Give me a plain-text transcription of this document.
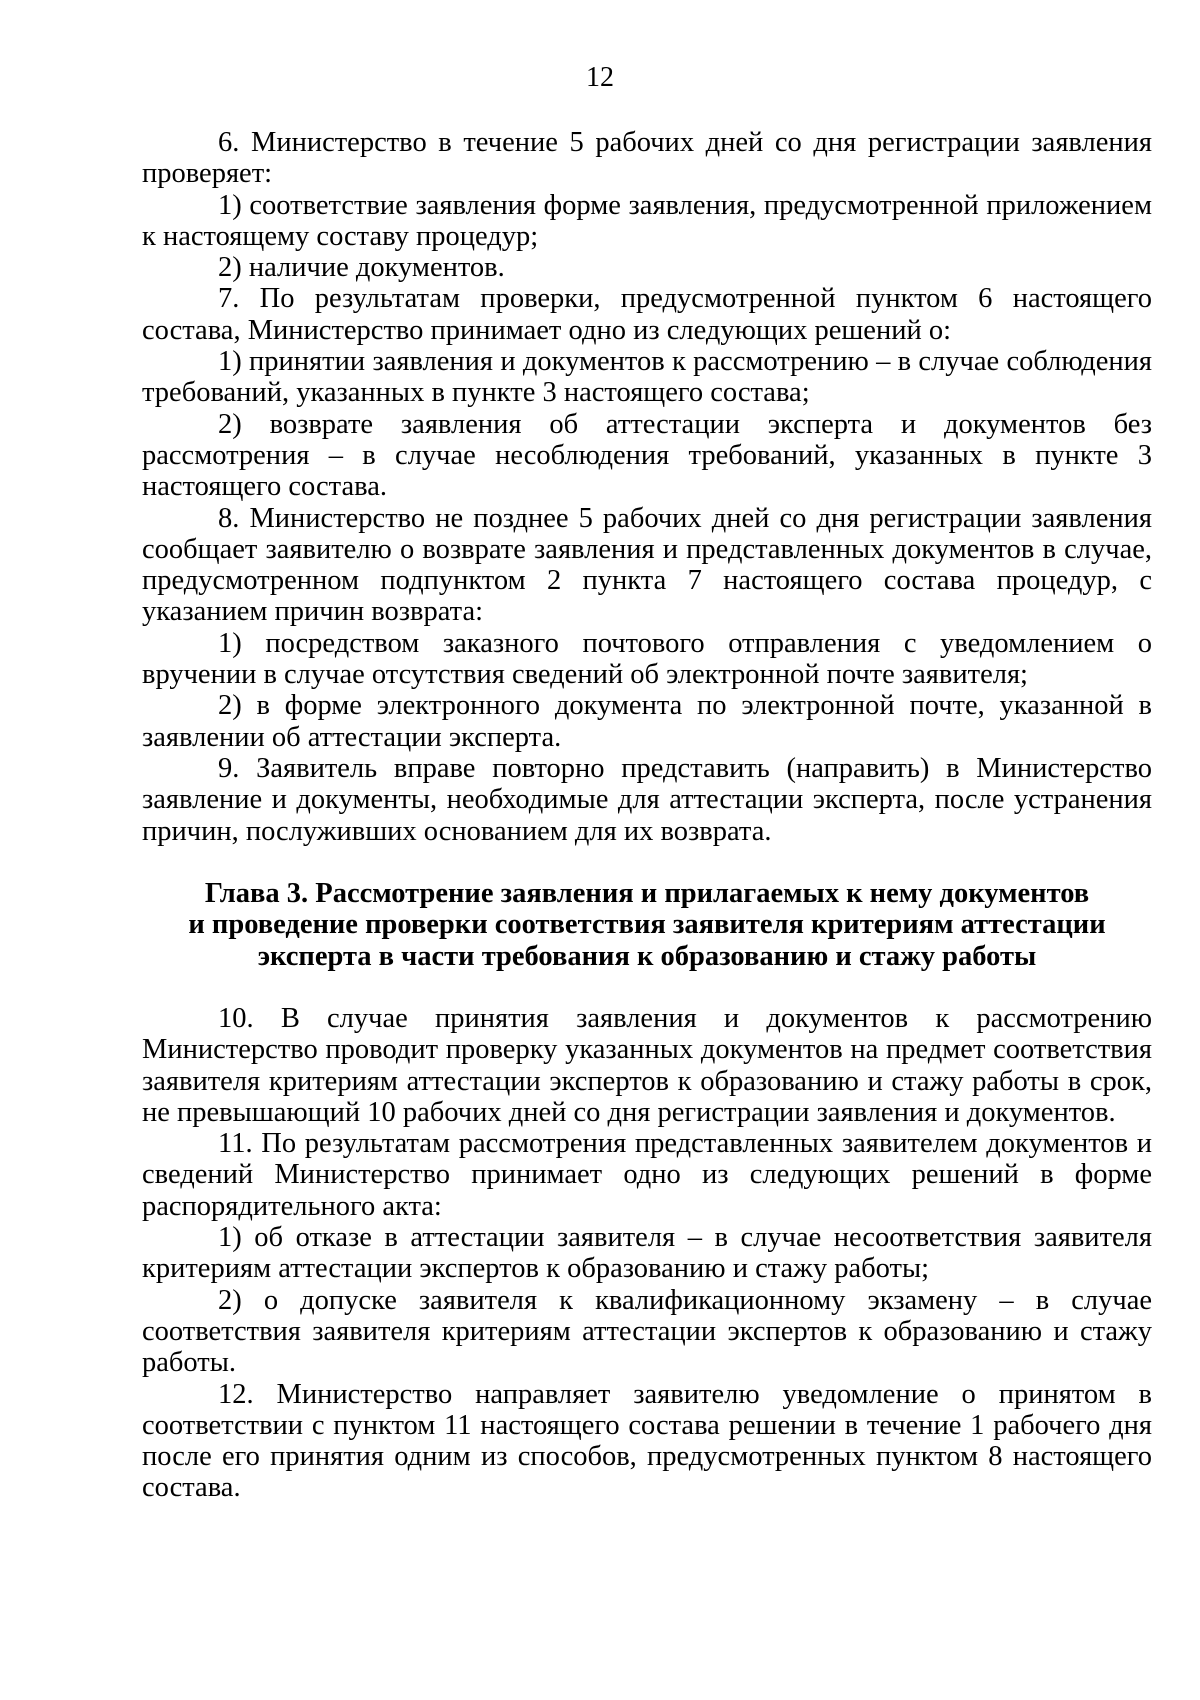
12

6. Министерство в течение 5 рабочих дней со дня регистрации заявления проверяет:

1) соответствие заявления форме заявления, предусмотренной приложением к настоящему составу процедур;

2) наличие документов.

7. По результатам проверки, предусмотренной пунктом 6 настоящего состава, Министерство принимает одно из следующих решений о:

1) принятии заявления и документов к рассмотрению – в случае соблюдения требований, указанных в пункте 3 настоящего состава;

2) возврате заявления об аттестации эксперта и документов без рассмотрения – в случае несоблюдения требований, указанных в пункте 3 настоящего состава.

8. Министерство не позднее 5 рабочих дней со дня регистрации заявления сообщает заявителю о возврате заявления и представленных документов в случае, предусмотренном подпунктом 2 пункта 7 настоящего состава процедур, с указанием причин возврата:

1) посредством заказного почтового отправления с уведомлением о вручении в случае отсутствия сведений об электронной почте заявителя;

2) в форме электронного документа по электронной почте, указанной в заявлении об аттестации эксперта.

9. Заявитель вправе повторно представить (направить) в Министерство заявление и документы, необходимые для аттестации эксперта, после устранения причин, послуживших основанием для их возврата.

Глава 3. Рассмотрение заявления и прилагаемых к нему документов
и проведение проверки соответствия заявителя критериям аттестации
эксперта в части требования к образованию и стажу работы

10. В случае принятия заявления и документов к рассмотрению Министерство проводит проверку указанных документов на предмет соответствия заявителя критериям аттестации экспертов к образованию и стажу работы в срок, не превышающий 10 рабочих дней со дня регистрации заявления и документов.

11. По результатам рассмотрения представленных заявителем документов и сведений Министерство принимает одно из следующих решений в форме распорядительного акта:

1) об отказе в аттестации заявителя – в случае несоответствия заявителя критериям аттестации экспертов к образованию и стажу работы;

2) о допуске заявителя к квалификационному экзамену – в случае соответствия заявителя критериям аттестации экспертов к образованию и стажу работы.

12. Министерство направляет заявителю уведомление о принятом в соответствии с пунктом 11 настоящего состава решении в течение 1 рабочего дня после его принятия одним из способов, предусмотренных пунктом 8 настоящего состава.
